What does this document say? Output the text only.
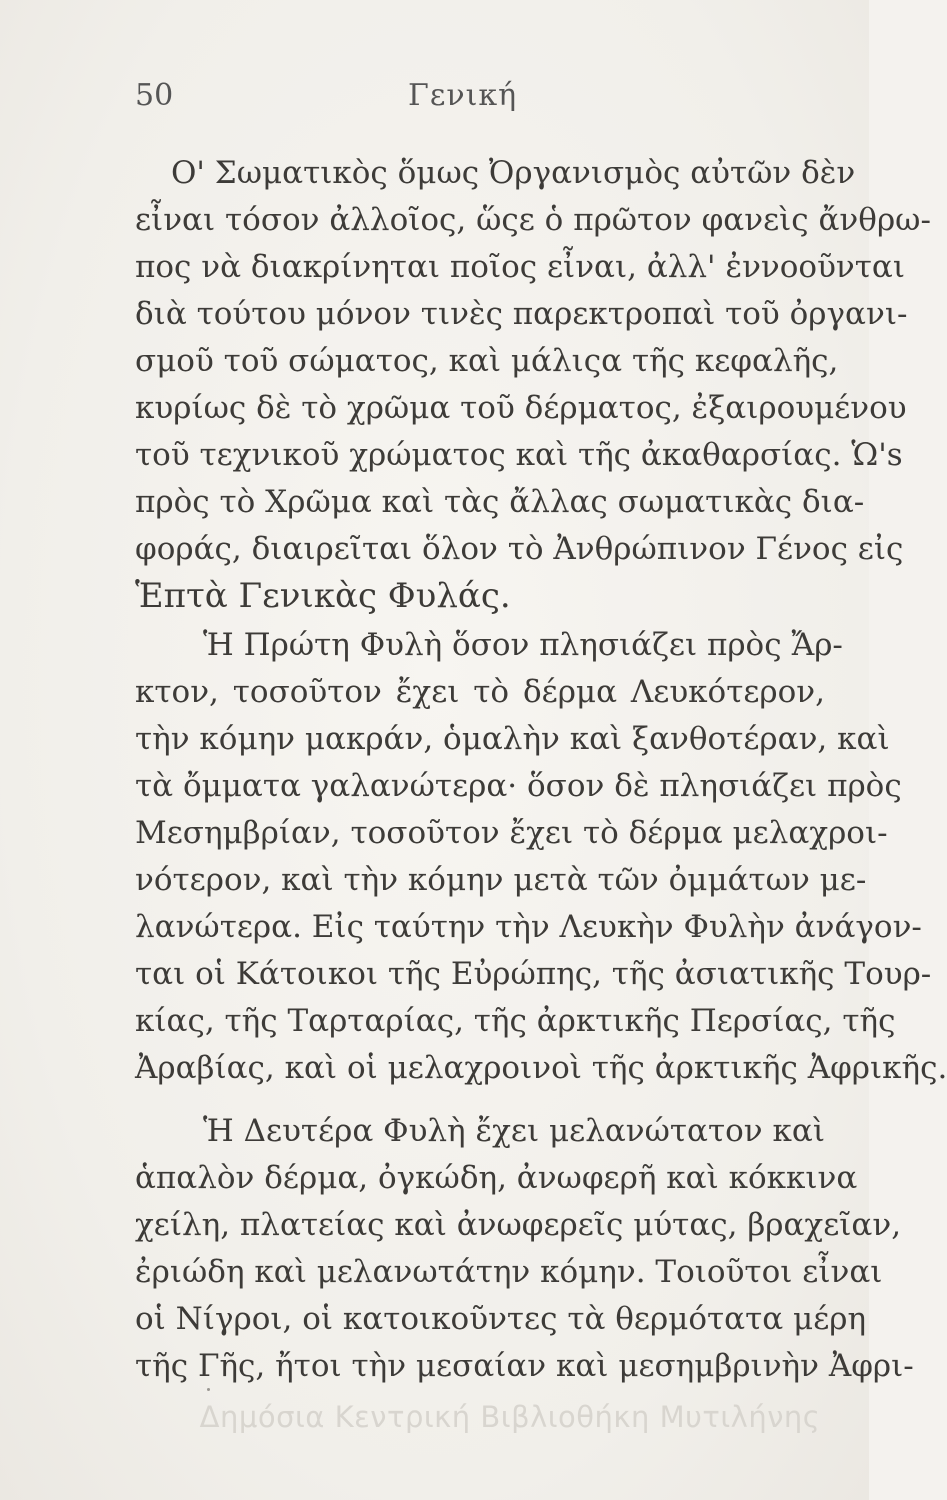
50	Γενική
Ο' Σωματικὸς ὅμως Ὀργανισμὸς αὐτῶν δὲν
εἶναι τόσον ἀλλοῖος, ὥςε ὁ πρῶτον φανεὶς ἄνθρω-
πος νὰ διακρίνηται ποῖος εἶναι, ἀλλ' ἐννοοῦνται
διὰ τούτου μόνον τινὲς παρεκτροπαὶ τοῦ ὀργανι-
σμοῦ τοῦ σώματος, καὶ μάλιςα τῆς κεφαλῆς,
κυρίως δὲ τὸ χρῶμα τοῦ δέρματος, ἐξαιρουμένου
τοῦ τεχνικοῦ χρώματος καὶ τῆς ἀκαθαρσίας. Ὡ's
πρὸς τὸ Χρῶμα καὶ τὰς ἄλλας σωματικὰς δια-
φοράς, διαιρεῖται ὅλον τὸ Ἀνθρώπινον Γένος εἰς
Ἑπτὰ Γενικὰς Φυλάς.
Ἡ Πρώτη Φυλὴ ὅσον πλησιάζει πρὸς Ἄρ-
κτον, τοσοῦτον ἔχει τὸ δέρμα Λευκότερον,
τὴν κόμην μακράν, ὁμαλὴν καὶ ξανθοτέραν, καὶ
τὰ ὄμματα γαλανώτερα· ὅσον δὲ πλησιάζει πρὸς
Μεσημβρίαν, τοσοῦτον ἔχει τὸ δέρμα μελαχροι-
νότερον, καὶ τὴν κόμην μετὰ τῶν ὀμμάτων με-
λανώτερα. Εἰς ταύτην τὴν Λευκὴν Φυλὴν ἀνάγον-
ται οἱ Κάτοικοι τῆς Εὐρώπης, τῆς ἀσιατικῆς Τουρ-
κίας, τῆς Ταρταρίας, τῆς ἀρκτικῆς Περσίας, τῆς
Ἀραβίας, καὶ οἱ μελαχροινοὶ τῆς ἀρκτικῆς Ἀφρικῆς.
Ἡ Δευτέρα Φυλὴ ἔχει μελανώτατον καὶ
ἁπαλὸν δέρμα, ὀγκώδη, ἀνωφερῆ καὶ κόκκινα
χείλη, πλατείας καὶ ἀνωφερεῖς μύτας, βραχεῖαν,
ἐριώδη καὶ μελανωτάτην κόμην. Τοιοῦτοι εἶναι
οἱ Νίγροι, οἱ κατοικοῦντες τὰ θερμότατα μέρη
τῆς Γῆς, ἤτοι τὴν μεσαίαν καὶ μεσημβρινὴν Ἀφρι-
Δημόσια Κεντρική Βιβλιοθήκη Μυτιλήνης
